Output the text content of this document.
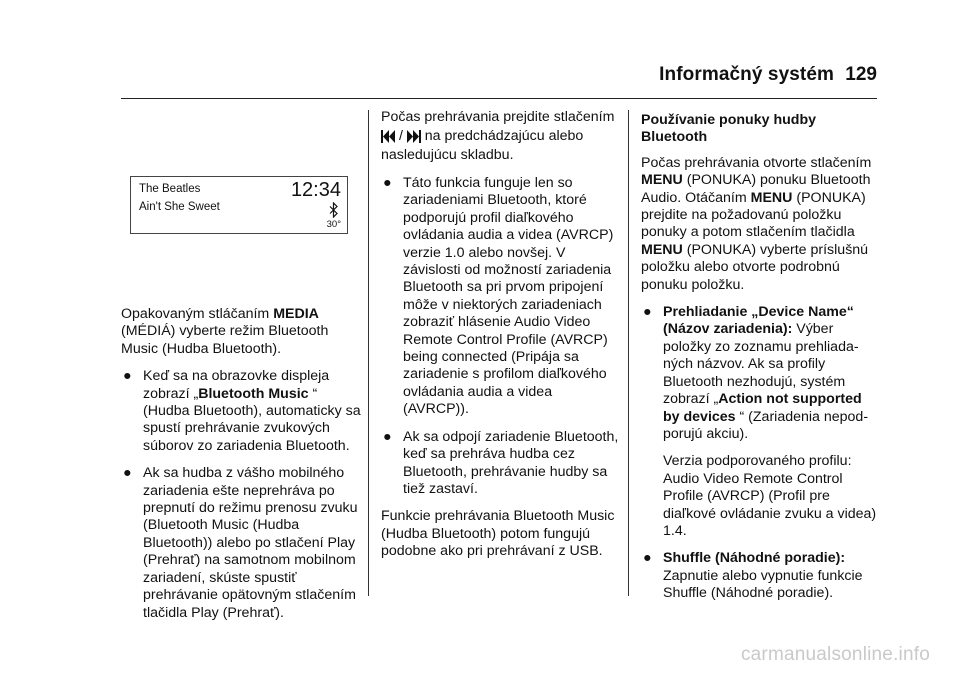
Informačný systém 129
The Beatles
Ain't She Sweet
12:34
30°

Opakovaným stláčaním MEDIA (MÉDIÁ) vyberte režim Bluetooth Music (Hudba Bluetooth).

● Keď sa na obrazovke displeja zobrazí „Bluetooth Music “ (Hudba Bluetooth), automaticky sa spustí prehrávanie zvukových súborov zo zariadenia Bluetooth.
● Ak sa hudba z vášho mobilného zariadenia ešte neprehráva po prepnutí do režimu prenosu zvuku (Bluetooth Music (Hudba Bluetooth)) alebo po stlačení Play (Prehrať) na samotnom mobilnom zariadení, skúste spustiť prehrávanie opätovným stlačením tlačidla Play (Prehrať).

Počas prehrávania prejdite stlačením  /  na predchádzajúcu alebo nasledujúcu skladbu.

● Táto funkcia funguje len so zariadeniami Bluetooth, ktoré podporujú profil diaľkového ovládania audia a videa (AVRCP) verzie 1.0 alebo novšej. V závislosti od možností zariadenia Bluetooth sa pri prvom pripojení môže v niektorých zariadeniach zobraziť hlásenie Audio Video Remote Control Profile (AVRCP) being connected (Pripája sa zariadenie s profilom diaľkového ovládania audia a videa (AVRCP)).
● Ak sa odpojí zariadenie Bluetooth, keď sa prehráva hudba cez Bluetooth, prehrávanie hudby sa tiež zastaví.

Funkcie prehrávania Bluetooth Music (Hudba Bluetooth) potom fungujú podobne ako pri prehrávaní z USB.

Používanie ponuky hudby Bluetooth

Počas prehrávania otvorte stlačením MENU (PONUKA) ponuku Bluetooth Audio. Otáčaním MENU (PONUKA) prejdite na požadovanú položku ponuky a potom stlačením tlačidla MENU (PONUKA) vyberte príslušnú položku alebo otvorte podrobnú ponuku položku.

● Prehliadanie „Device Name“ (Názov zariadenia): Výber položky zo zoznamu prehliadaných názvov. Ak sa profily Bluetooth nezhodujú, systém zobrazí „Action not supported by devices “ (Zariadenia nepodporujú akciu).

Verzia podporovaného profilu: Audio Video Remote Control Profile (AVRCP) (Profil pre diaľkové ovládanie zvuku a videa) 1.4.

● Shuffle (Náhodné poradie): Zapnutie alebo vypnutie funkcie Shuffle (Náhodné poradie).
carmanualsonline.info
